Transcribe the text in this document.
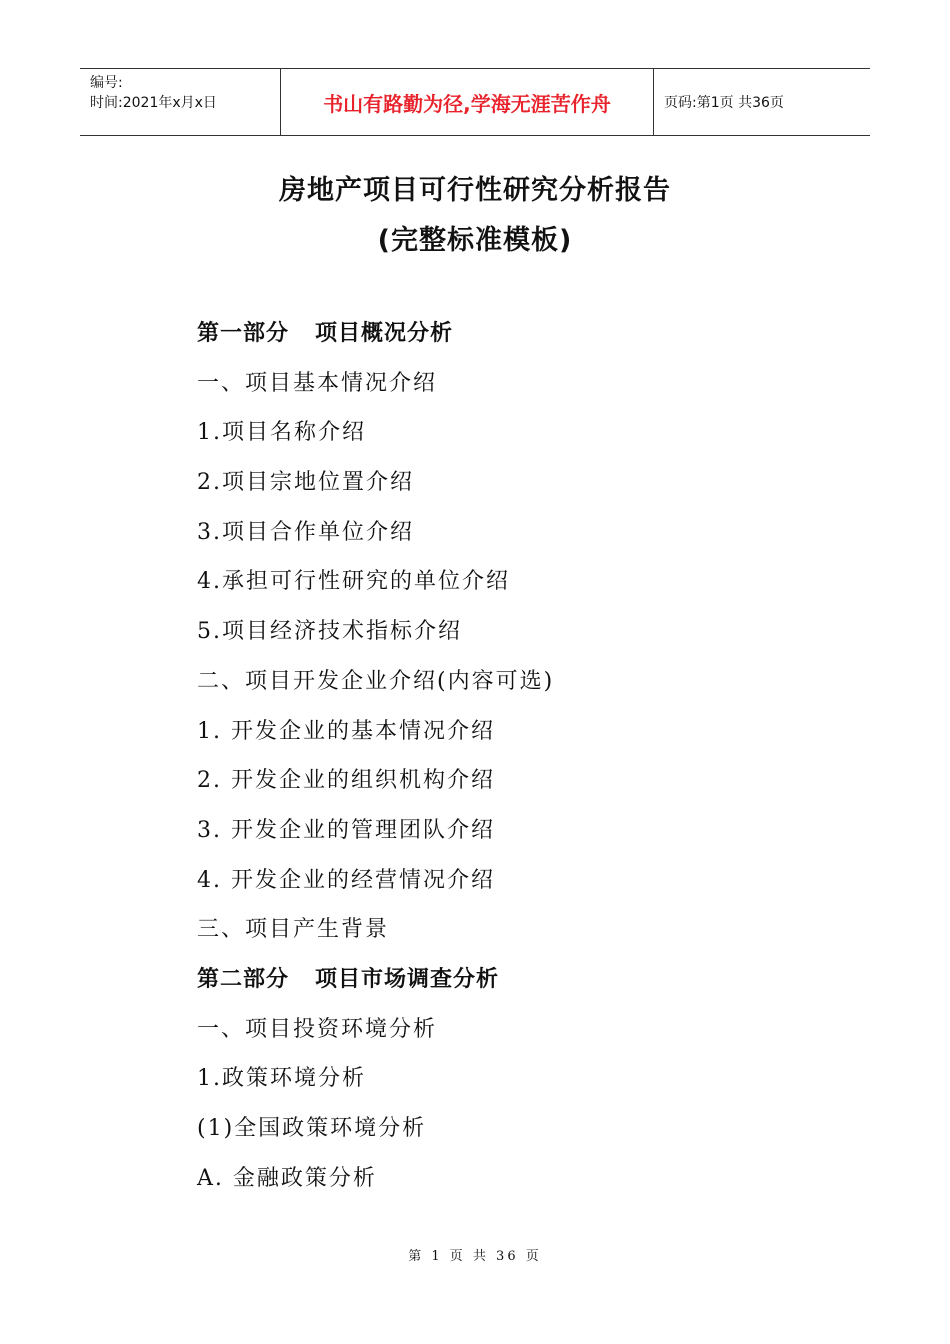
编号:
时间:2021年x月x日	书山有路勤为径,学海无涯苦作舟	页码:第1页 共36页
房地产项目可行性研究分析报告
(完整标准模板)
第一部分   项目概况分析
一、项目基本情况介绍
1.项目名称介绍
2.项目宗地位置介绍
3.项目合作单位介绍
4.承担可行性研究的单位介绍
5.项目经济技术指标介绍
二、项目开发企业介绍(内容可选)
1. 开发企业的基本情况介绍
2. 开发企业的组织机构介绍
3. 开发企业的管理团队介绍
4. 开发企业的经营情况介绍
三、项目产生背景
第二部分   项目市场调查分析
一、项目投资环境分析
1.政策环境分析
(1)全国政策环境分析
A. 金融政策分析
第 1 页 共 36 页
